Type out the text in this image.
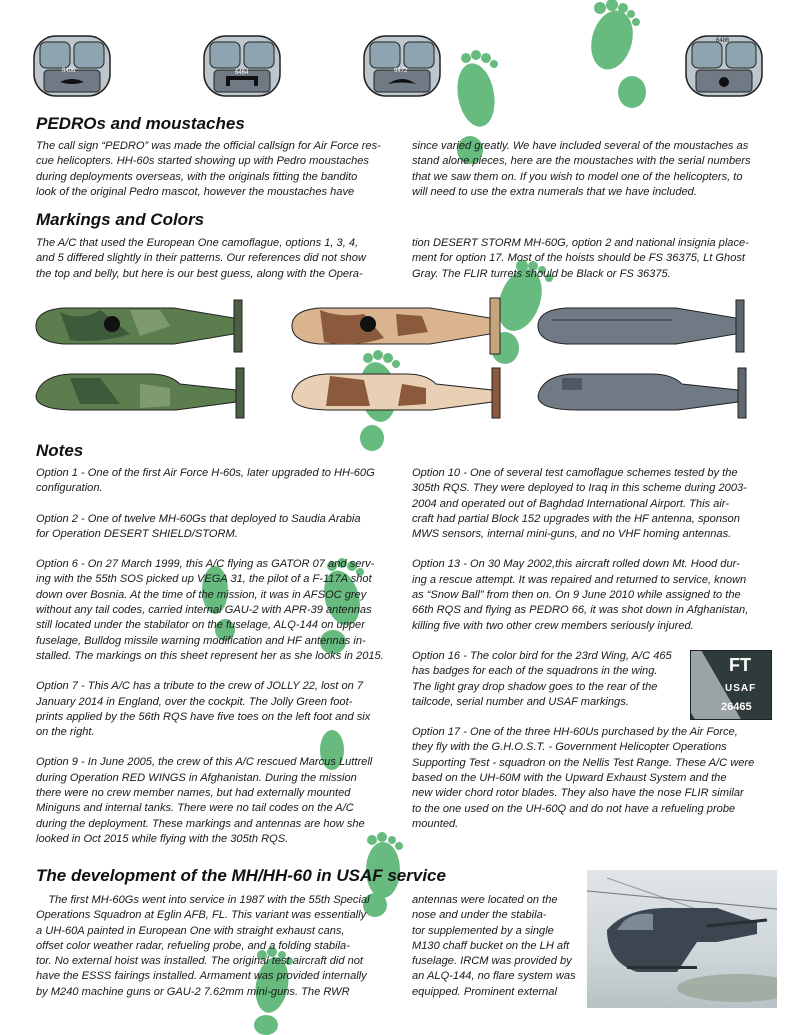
6406	6464	6472
6486
PEDROs and moustaches
The call sign “PEDRO” was made the official callsign for Air Force res-
cue helicopters. HH-60s started showing up with Pedro moustaches
during deployments overseas, with the originals fitting the bandito
look of the original Pedro mascot, however the moustaches have
since varied greatly. We have included several of the moustaches as
stand alone pieces, here are the moustaches with the serial numbers
that we saw them on. If you wish to model one of the helicopters, to
will need to use the extra numerals that we have included.
Markings and Colors
The A/C that used the European One camoflague, options 1, 3, 4,
and 5 differed slightly in their patterns. Our references did not show
the top and belly, but here is our best guess, along with the Opera-
tion DESERT STORM MH-60G, option 2 and national insignia place-
ment for option 17. Most of the hoists should be FS 36375, Lt Ghost
Gray. The FLIR turrets should be Black or FS 36375.
Notes
Option 1 - One of the first Air Force H-60s, later upgraded to HH-60G
configuration.
Option 2 - One of twelve MH-60Gs that deployed to Saudia Arabia
for Operation DESERT SHIELD/STORM.
Option 6 - On 27 March 1999, this A/C flying as GATOR 07 and serv-
ing with the 55th SOS picked up VEGA 31, the pilot of a F-117A shot
down over Bosnia. At the time of the mission, it was in AFSOC grey
without any tail codes, carried internal GAU-2 with APR-39 antennas
still located under the stabilator on the fuselage, ALQ-144 on upper
fuselage, Bulldog missile warning modification and HF antennas in-
stalled. The markings on this sheet represent her as she looks in 2015.
Option 7 - This A/C has a tribute to the crew of JOLLY 22, lost on 7
January 2014 in England, over the cockpit. The Jolly Green foot-
prints applied by the 56th RQS have five toes on the left foot and six
on the right.
Option 9 - In June 2005, the crew of this A/C rescued Marcus Luttrell
during Operation RED WINGS in Afghanistan. During the mission
there were no crew member names, but had externally mounted
Miniguns and internal tanks. There were no tail codes on the A/C
during the deployment. These markings and antennas are how she
looked in Oct 2015 while flying with the 305th RQS.
Option 10 - One of several test camoflague schemes tested by the
305th RQS. They were deployed to Iraq in this scheme during 2003-
2004 and operated out of Baghdad International Airport. This air-
craft had partial Block 152 upgrades with the HF antenna, sponson
MWS sensors, internal mini-guns, and no VHF homing antennas.
Option 13 - On 30 May 2002,this aircraft rolled down Mt. Hood dur-
ing a rescue attempt. It was repaired and returned to service, known
as “Snow Ball” from then on. On 9 June 2010 while assigned to the
66th RQS and flying as PEDRO 66, it was shot down in Afghanistan,
killing five with two other crew members seriously injured.
Option 16 - The color bird for the 23rd Wing, A/C 465
has badges for each of the squadrons in the wing.
The light gray drop shadow goes to the rear of the
tailcode, serial number and USAF markings.
Option 17 - One of the three HH-60Us purchased by the Air Force,
they fly with the G.H.O.S.T. - Government Helicopter Operations
Supporting Test - squadron on the Nellis Test Range. These A/C were
based on the UH-60M with the Upward Exhaust System and the
new wider chord rotor blades. They also have the nose FLIR similar
to the one used on the UH-60Q and do not have a refueling probe
mounted.
FT
USAF
26465
The development of the MH/HH-60 in USAF service
The first MH-60Gs went into service in 1987 with the 55th Special
Operations Squadron at Eglin AFB, FL. This variant was essentially
a UH-60A painted in European One with straight exhaust cans,
offset color weather radar, refueling probe, and a folding stabila-
tor. No external hoist was installed. The original test aircraft did not
have the ESSS fairings installed. Armament was provided internally
by M240 machine guns or GAU-2 7.62mm mini-guns. The RWR
antennas were located on the
nose and under the stabila-
tor supplemented by a single
M130 chaff bucket on the LH aft
fuselage. IRCM was provided by
an ALQ-144, no flare system was
equipped. Prominent external
